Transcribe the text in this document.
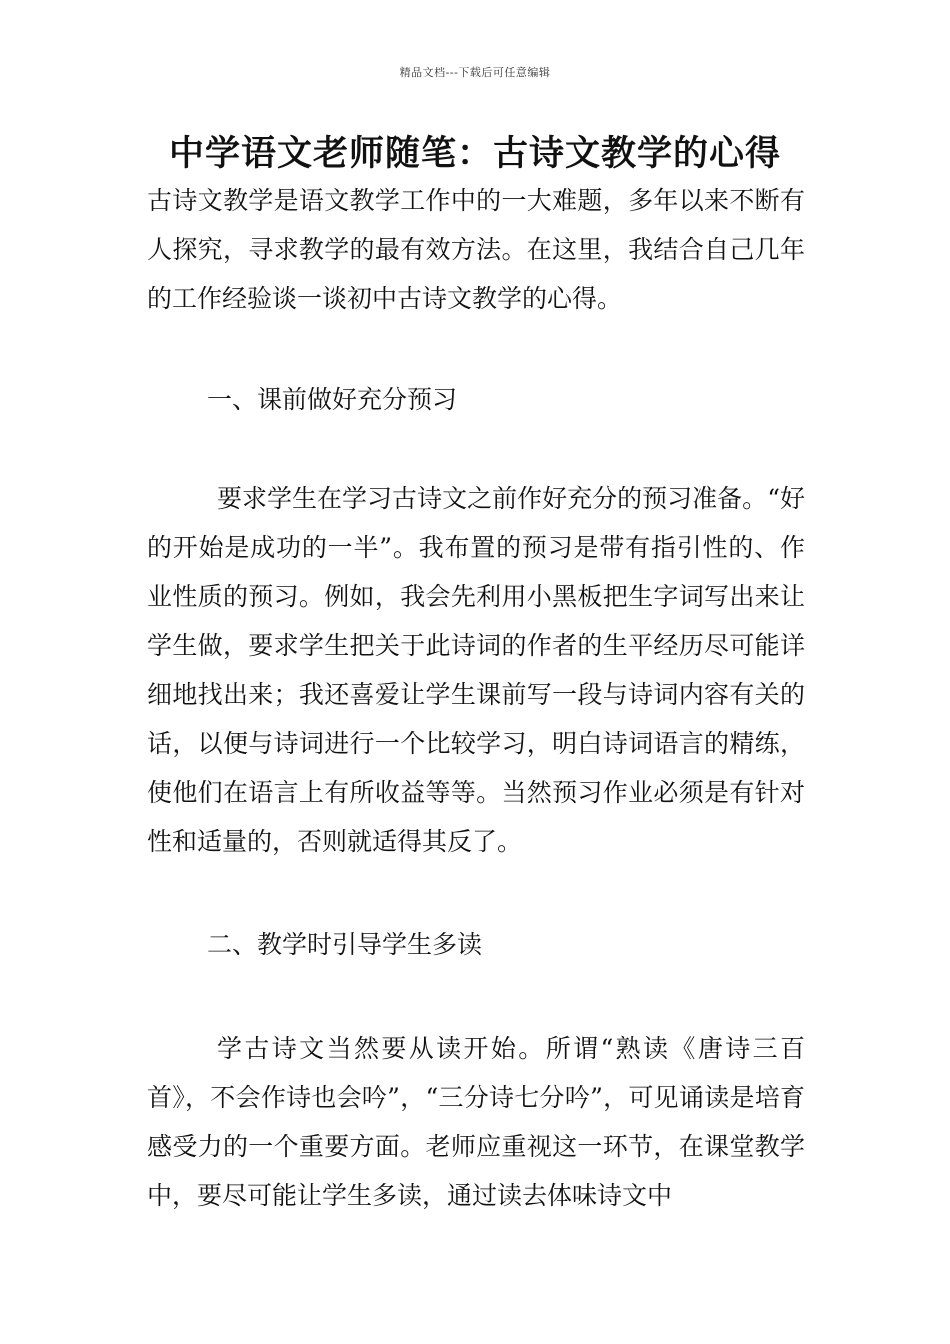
精品文档---下载后可任意编辑
中学语文老师随笔：古诗文教学的心得

古诗文教学是语文教学工作中的一大难题，多年以来不断有人探究，寻求教学的最有效方法。在这里，我结合自己几年的工作经验谈一谈初中古诗文教学的心得。

一、课前做好充分预习

要求学生在学习古诗文之前作好充分的预习准备。“好的开始是成功的一半”。我布置的预习是带有指引性的、作业性质的预习。例如，我会先利用小黑板把生字词写出来让学生做，要求学生把关于此诗词的作者的生平经历尽可能详细地找出来；我还喜爱让学生课前写一段与诗词内容有关的话，以便与诗词进行一个比较学习，明白诗词语言的精练，使他们在语言上有所收益等等。当然预习作业必须是有针对性和适量的，否则就适得其反了。

二、教学时引导学生多读

学古诗文当然要从读开始。所谓“熟读《唐诗三百首》，不会作诗也会吟”，“三分诗七分吟”，可见诵读是培育感受力的一个重要方面。老师应重视这一环节，在课堂教学中，要尽可能让学生多读，通过读去体味诗文中
